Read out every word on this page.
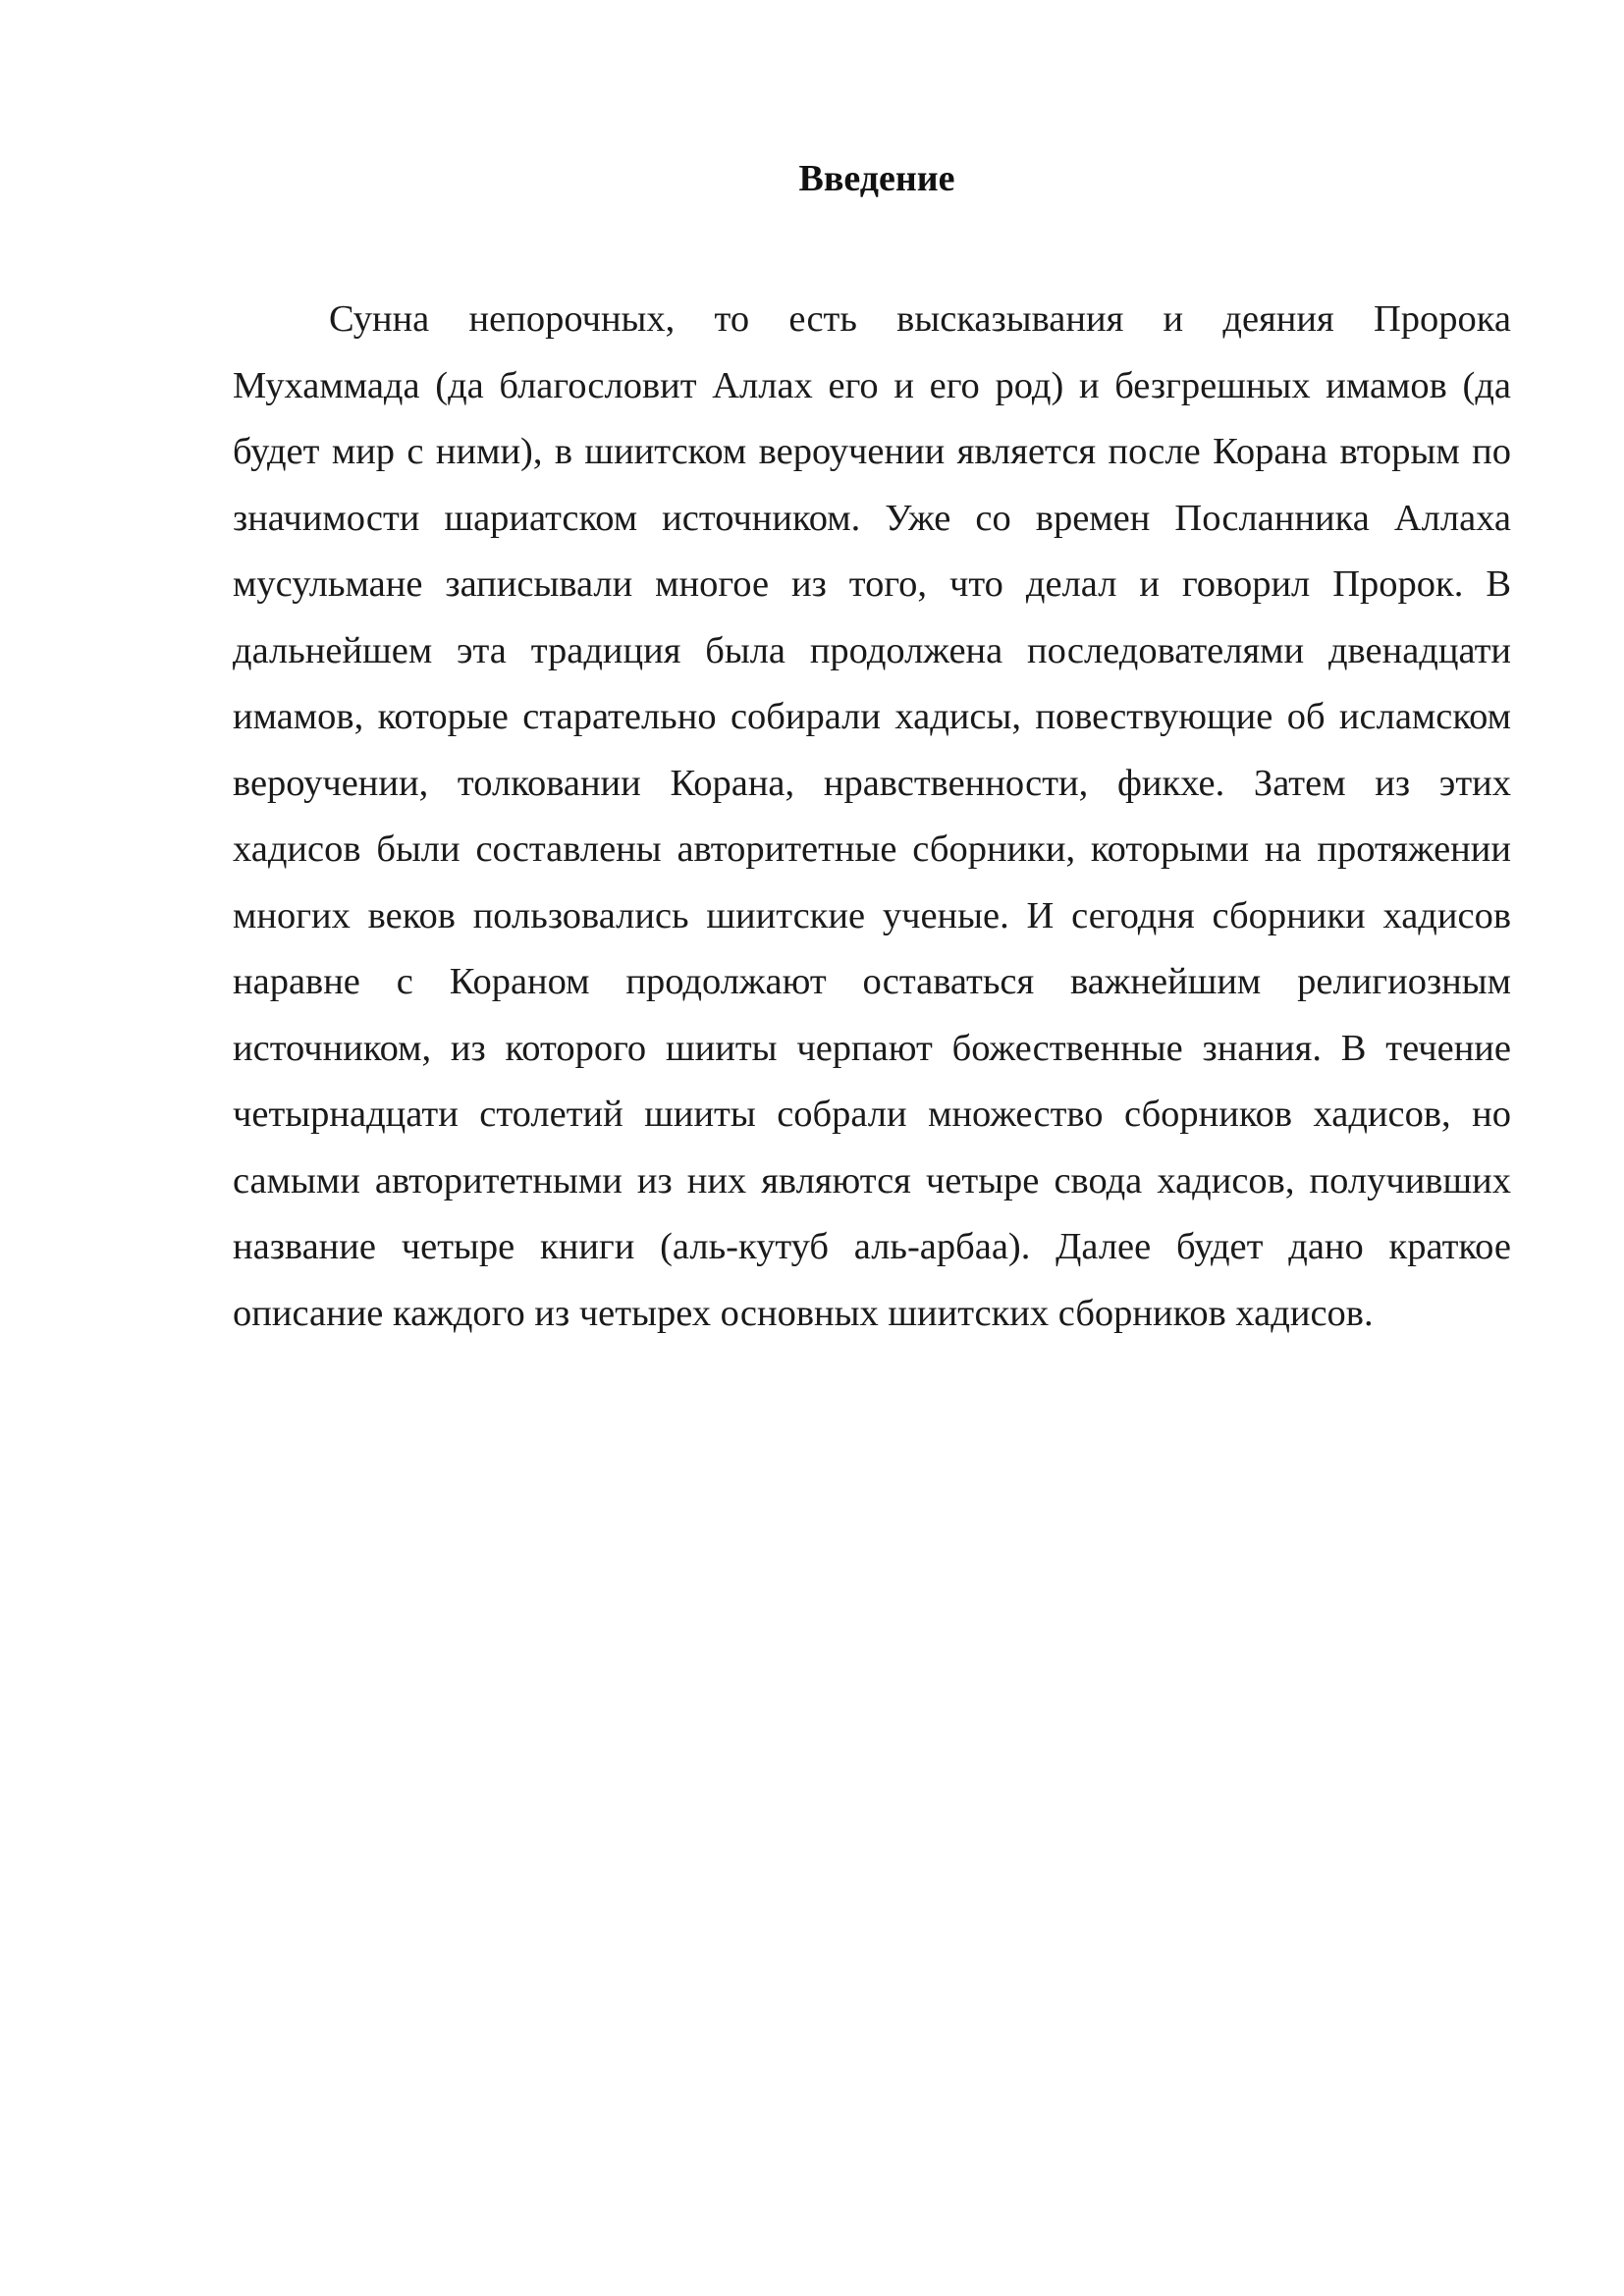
Введение
Сунна непорочных, то есть высказывания и деяния Пророка
Мухаммада (да благословит Аллах его и его род) и безгрешных имамов (да
будет мир с ними), в шиитском вероучении является после Корана вторым по
значимости шариатском источником. Уже со времен Посланника Аллаха
мусульмане записывали многое из того, что делал и говорил Пророк. В
дальнейшем эта традиция была продолжена последователями двенадцати
имамов, которые старательно собирали хадисы, повествующие об исламском
вероучении, толковании Корана, нравственности, фикхе. Затем из этих
хадисов были составлены авторитетные сборники, которыми на протяжении
многих веков пользовались шиитские ученые. И сегодня сборники хадисов
наравне с Кораном продолжают оставаться важнейшим религиозным
источником, из которого шииты черпают божественные знания. В течение
четырнадцати столетий шииты собрали множество сборников хадисов, но
самыми авторитетными из них являются четыре свода хадисов, получивших
название четыре книги (аль-кутуб аль-арбаа). Далее будет дано краткое
описание каждого из четырех основных шиитских сборников хадисов.
